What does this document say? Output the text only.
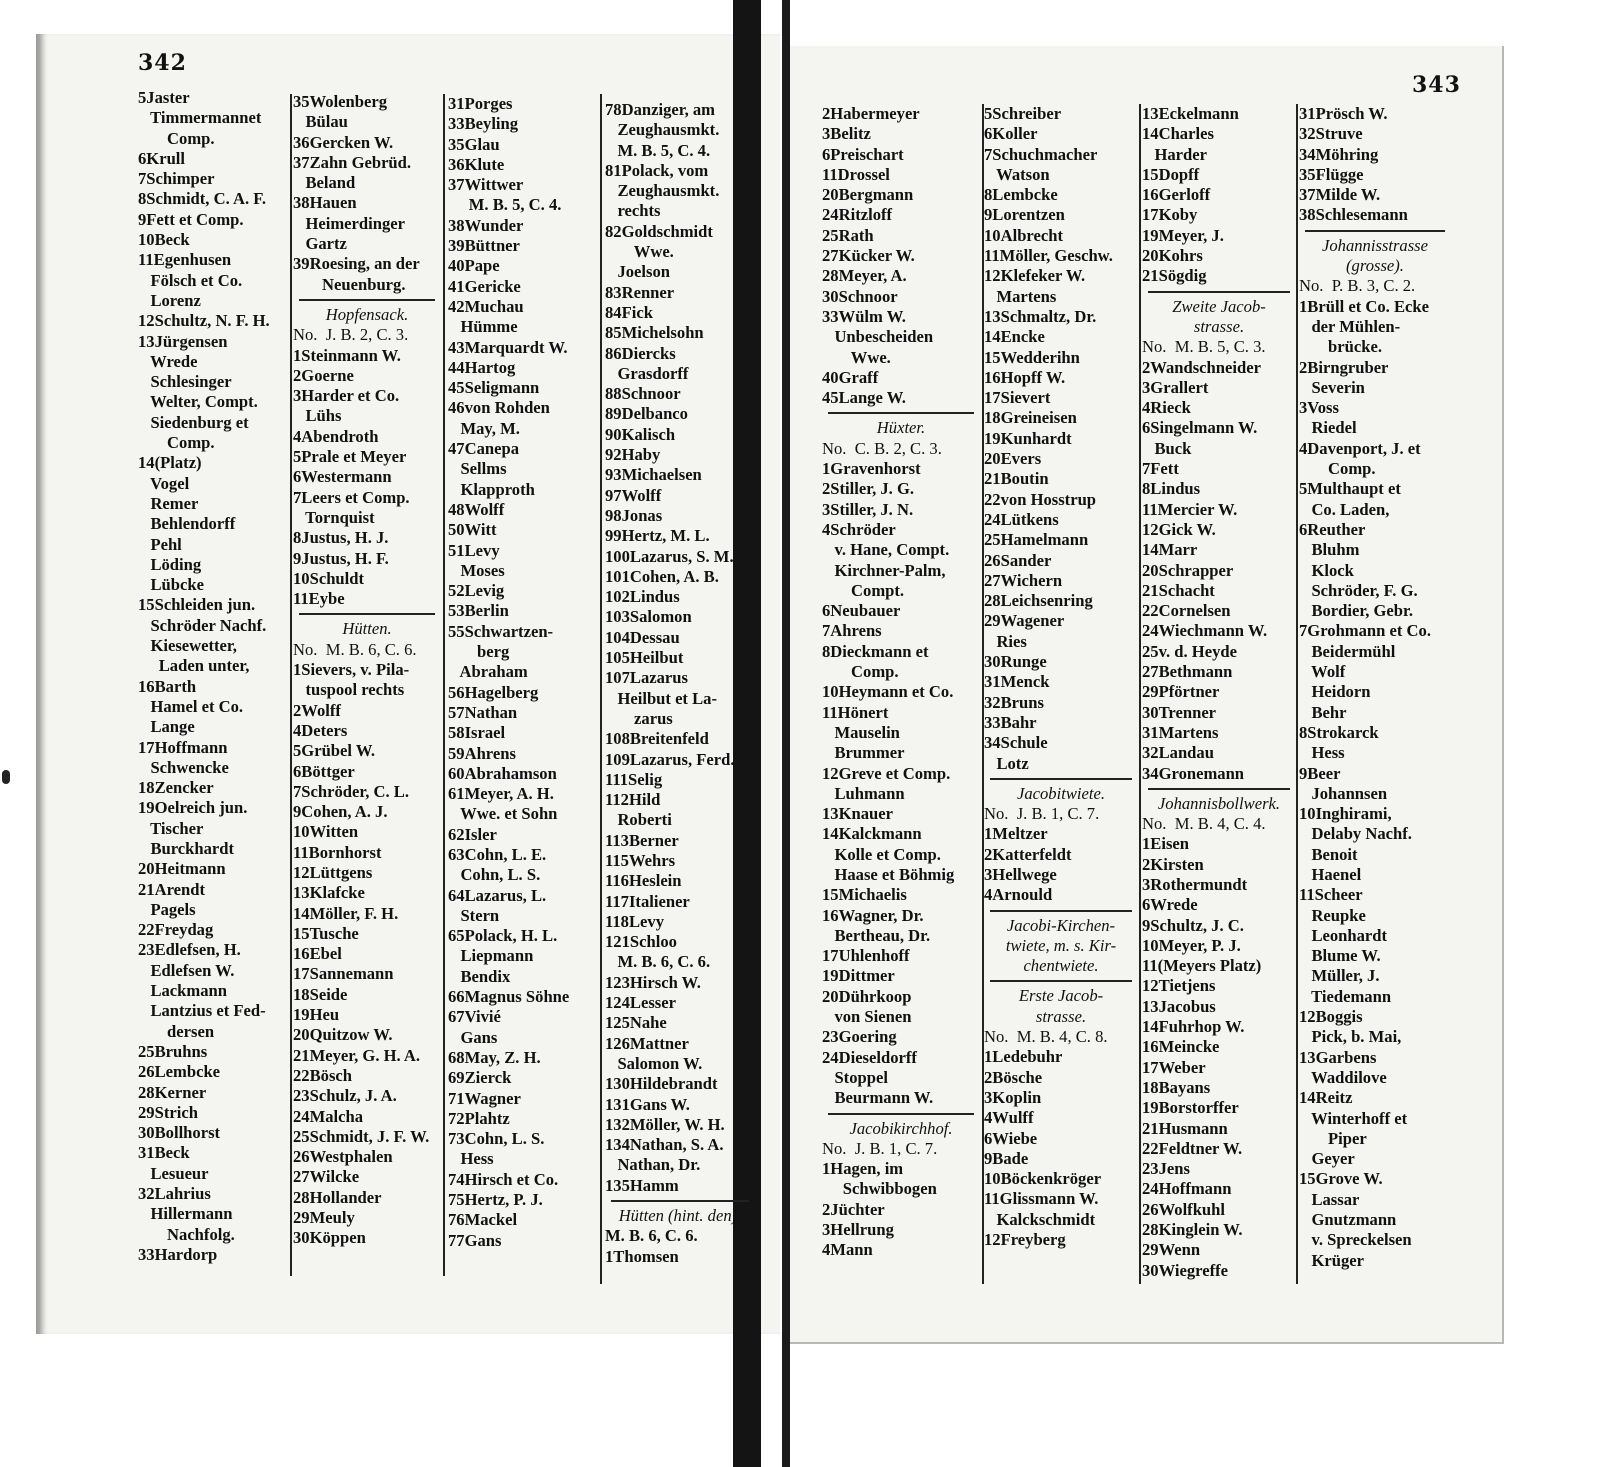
342
343
5Jaster
Timmermannet
Comp.
6Krull
7Schimper
8Schmidt, C. A. F.
9Fett et Comp.
10Beck
11Egenhusen
Fölsch et Co.
Lorenz
12Schultz, N. F. H.
13Jürgensen
Wrede
Schlesinger
Welter, Compt.
Siedenburg et
Comp.
14(Platz)
Vogel
Remer
Behlendorff
Pehl
Löding
Lübcke
15Schleiden jun.
Schröder Nachf.
Kiesewetter,
Laden unter,
16Barth
Hamel et Co.
Lange
17Hoffmann
Schwencke
18Zencker
19Oelreich jun.
Tischer
Burckhardt
20Heitmann
21Arendt
Pagels
22Freydag
23Edlefsen, H.
Edlefsen W.
Lackmann
Lantzius et Fed-
dersen
25Bruhns
26Lembcke
28Kerner
29Strich
30Bollhorst
31Beck
Lesueur
32Lahrius
Hillermann
Nachfolg.
33Hardorp
35Wolenberg
Bülau
36Gercken W.
37Zahn Gebrüd.
Beland
38Hauen
Heimerdinger
Gartz
39Roesing, an der
Neuenburg.
Hopfensack.
No.  J. B. 2, C. 3.
1Steinmann W.
2Goerne
3Harder et Co.
Lühs
4Abendroth
5Prale et Meyer
6Westermann
7Leers et Comp.
Tornquist
8Justus, H. J.
9Justus, H. F.
10Schuldt
11Eybe
Hütten.
No.  M. B. 6, C. 6.
1Sievers, v. Pila-
tuspool rechts
2Wolff
4Deters
5Grübel W.
6Böttger
7Schröder, C. L.
9Cohen, A. J.
10Witten
11Bornhorst
12Lüttgens
13Klafcke
14Möller, F. H.
15Tusche
16Ebel
17Sannemann
18Seide
19Heu
20Quitzow W.
21Meyer, G. H. A.
22Bösch
23Schulz, J. A.
24Malcha
25Schmidt, J. F. W.
26Westphalen
27Wilcke
28Hollander
29Meuly
30Köppen
31Porges
33Beyling
35Glau
36Klute
37Wittwer
M. B. 5, C. 4.
38Wunder
39Büttner
40Pape
41Gericke
42Muchau
Hümme
43Marquardt W.
44Hartog
45Seligmann
46von Rohden
May, M.
47Canepa
Sellms
Klapproth
48Wolff
50Witt
51Levy
Moses
52Levig
53Berlin
55Schwartzen-
berg
Abraham
56Hagelberg
57Nathan
58Israel
59Ahrens
60Abrahamson
61Meyer, A. H.
Wwe. et Sohn
62Isler
63Cohn, L. E.
Cohn, L. S.
64Lazarus, L.
Stern
65Polack, H. L.
Liepmann
Bendix
66Magnus Söhne
67Vivié
Gans
68May, Z. H.
69Zierck
71Wagner
72Plahtz
73Cohn, L. S.
Hess
74Hirsch et Co.
75Hertz, P. J.
76Mackel
77Gans
78Danziger, am
Zeughausmkt.
M. B. 5, C. 4.
81Polack, vom
Zeughausmkt.
rechts
82Goldschmidt
Wwe.
Joelson
83Renner
84Fick
85Michelsohn
86Diercks
Grasdorff
88Schnoor
89Delbanco
90Kalisch
92Haby
93Michaelsen
97Wolff
98Jonas
99Hertz, M. L.
100Lazarus, S. M.
101Cohen, A. B.
102Lindus
103Salomon
104Dessau
105Heilbut
107Lazarus
Heilbut et La-
zarus
108Breitenfeld
109Lazarus, Ferd.
111Selig
112Hild
Roberti
113Berner
115Wehrs
116Heslein
117Italiener
118Levy
121Schloo
M. B. 6, C. 6.
123Hirsch W.
124Lesser
125Nahe
126Mattner
Salomon W.
130Hildebrandt
131Gans W.
132Möller, W. H.
134Nathan, S. A.
Nathan, Dr.
135Hamm
Hütten (hint. den).
M. B. 6, C. 6.
1Thomsen
2Habermeyer
3Belitz
6Preischart
11Drossel
20Bergmann
24Ritzloff
25Rath
27Kücker W.
28Meyer, A.
30Schnoor
33Wülm W.
Unbescheiden
Wwe.
40Graff
45Lange W.
Hüxter.
No.  C. B. 2, C. 3.
1Gravenhorst
2Stiller, J. G.
3Stiller, J. N.
4Schröder
v. Hane, Compt.
Kirchner-Palm,
Compt.
6Neubauer
7Ahrens
8Dieckmann et
Comp.
10Heymann et Co.
11Hönert
Mauselin
Brummer
12Greve et Comp.
Luhmann
13Knauer
14Kalckmann
Kolle et Comp.
Haase et Böhmig
15Michaelis
16Wagner, Dr.
Bertheau, Dr.
17Uhlenhoff
19Dittmer
20Dührkoop
von Sienen
23Goering
24Dieseldorff
Stoppel
Beurmann W.
Jacobikirchhof.
No.  J. B. 1, C. 7.
1Hagen, im
Schwibbogen
2Jüchter
3Hellrung
4Mann
5Schreiber
6Koller
7Schuchmacher
Watson
8Lembcke
9Lorentzen
10Albrecht
11Möller, Geschw.
12Klefeker W.
Martens
13Schmaltz, Dr.
14Encke
15Wedderihn
16Hopff W.
17Sievert
18Greineisen
19Kunhardt
20Evers
21Boutin
22von Hosstrup
24Lütkens
25Hamelmann
26Sander
27Wichern
28Leichsenring
29Wagener
Ries
30Runge
31Menck
32Bruns
33Bahr
34Schule
Lotz
Jacobitwiete.
No.  J. B. 1, C. 7.
1Meltzer
2Katterfeldt
3Hellwege
4Arnould
Jacobi-Kirchen-
twiete, m. s. Kir-
chentwiete.
Erste Jacob-
strasse.
No.  M. B. 4, C. 8.
1Ledebuhr
2Bösche
3Koplin
4Wulff
6Wiebe
9Bade
10Böckenkröger
11Glissmann W.
Kalckschmidt
12Freyberg
13Eckelmann
14Charles
Harder
15Dopff
16Gerloff
17Koby
19Meyer, J.
20Kohrs
21Sögdig
Zweite Jacob-
strasse.
No.  M. B. 5, C. 3.
2Wandschneider
3Grallert
4Rieck
6Singelmann W.
Buck
7Fett
8Lindus
11Mercier W.
12Gick W.
14Marr
20Schrapper
21Schacht
22Cornelsen
24Wiechmann W.
25v. d. Heyde
27Bethmann
29Pförtner
30Trenner
31Martens
32Landau
34Gronemann
Johannisbollwerk.
No.  M. B. 4, C. 4.
1Eisen
2Kirsten
3Rothermundt
6Wrede
9Schultz, J. C.
10Meyer, P. J.
11(Meyers Platz)
12Tietjens
13Jacobus
14Fuhrhop W.
16Meincke
17Weber
18Bayans
19Borstorffer
21Husmann
22Feldtner W.
23Jens
24Hoffmann
26Wolfkuhl
28Kinglein W.
29Wenn
30Wiegreffe
31Prösch W.
32Struve
34Möhring
35Flügge
37Milde W.
38Schlesemann
Johannisstrasse
(grosse).
No.  P. B. 3, C. 2.
1Brüll et Co. Ecke
der Mühlen-
brücke.
2Birngruber
Severin
3Voss
Riedel
4Davenport, J. et
Comp.
5Multhaupt et
Co. Laden,
6Reuther
Bluhm
Klock
Schröder, F. G.
Bordier, Gebr.
7Grohmann et Co.
Beidermühl
Wolf
Heidorn
Behr
8Strokarck
Hess
9Beer
Johannsen
10Inghirami,
Delaby Nachf.
Benoit
Haenel
11Scheer
Reupke
Leonhardt
Blume W.
Müller, J.
Tiedemann
12Boggis
Pick, b. Mai,
13Garbens
Waddilove
14Reitz
Winterhoff et
Piper
Geyer
15Grove W.
Lassar
Gnutzmann
v. Spreckelsen
Krüger
